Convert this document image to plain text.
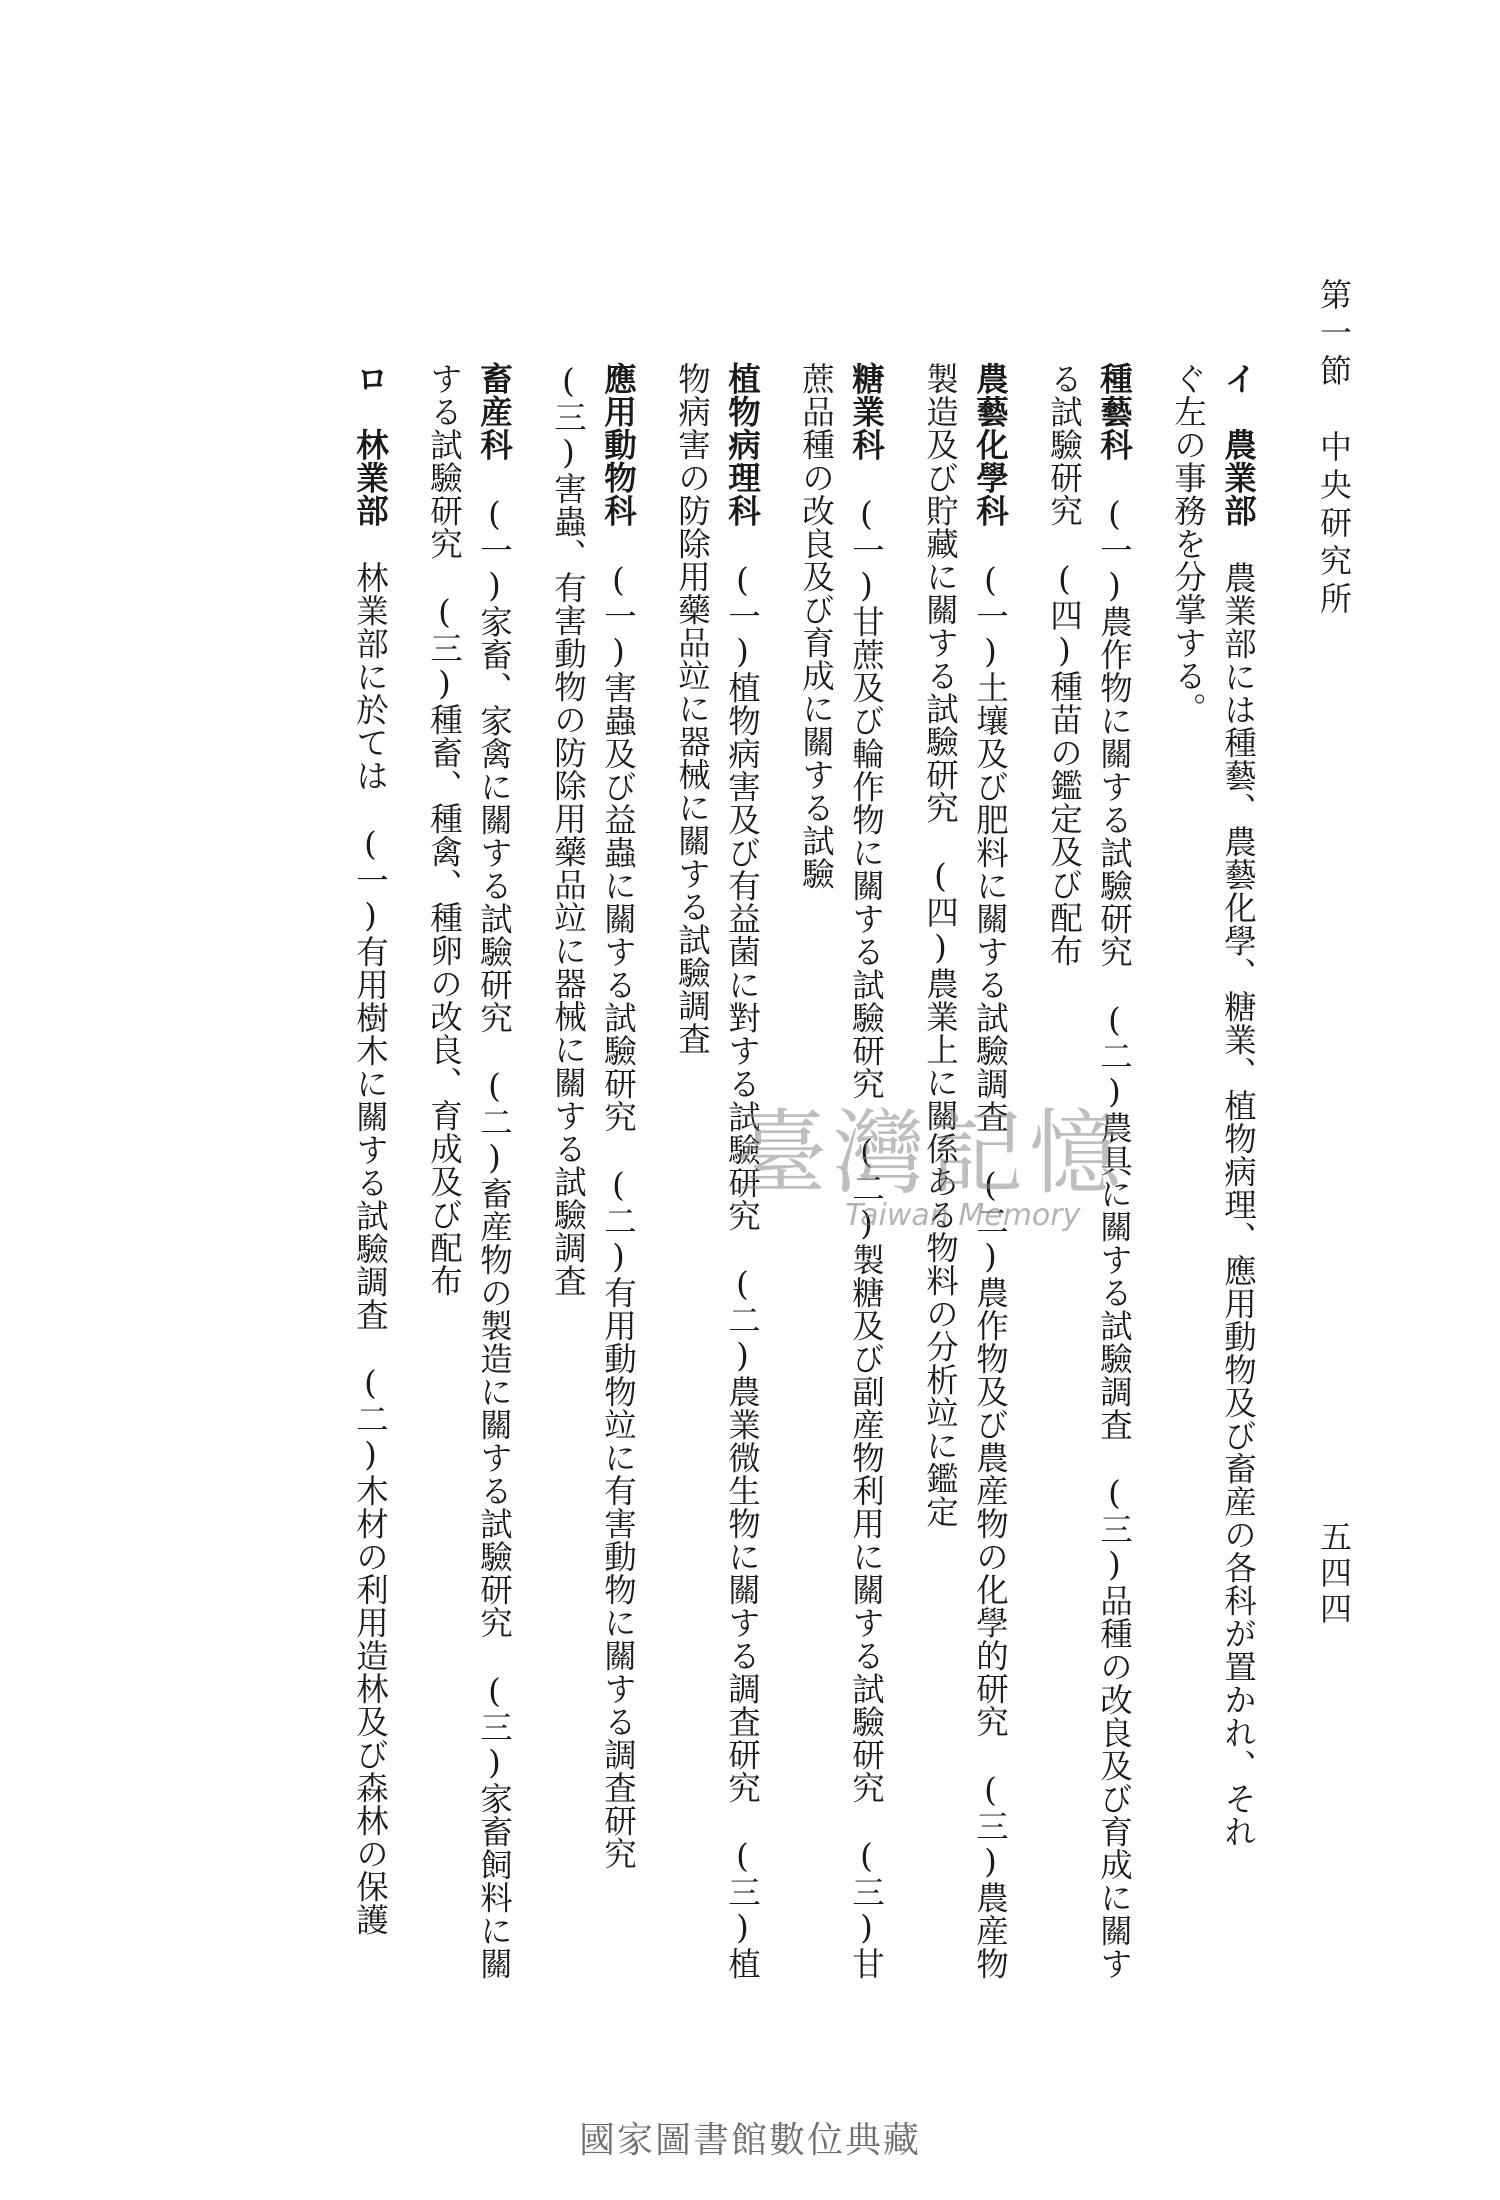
第一節　中央研究所
五四四
イ　農業部農業部には種藝、農藝化學、糖業、植物病理、應用動物及び畜産の各科が置かれ、それ
ぐ左の事務を分掌する。
種藝科(一)農作物に關する試驗研究　(二)農具に關する試驗調査　(三)品種の改良及び育成に關す
る試驗研究　(四)種苗の鑑定及び配布
農藝化學科(一)土壤及び肥料に關する試驗調査　(二)農作物及び農産物の化學的研究　(三)農産物
製造及び貯藏に關する試驗研究　(四)農業上に關係ある物料の分析竝に鑑定
糖業科(一)甘蔗及び輪作物に關する試驗研究　(二)製糖及び副産物利用に關する試驗研究　(三)甘
蔗品種の改良及び育成に關する試驗
植物病理科(一)植物病害及び有益菌に對する試驗研究　(二)農業微生物に關する調査研究　(三)植
物病害の防除用藥品竝に器械に關する試驗調査
應用動物科(一)害蟲及び益蟲に關する試驗研究　(二)有用動物竝に有害動物に關する調査研究
(三)害蟲、有害動物の防除用藥品竝に器械に關する試驗調査
畜産科(一)家畜、家禽に關する試驗研究　(二)畜産物の製造に關する試驗研究　(三)家畜飼料に關
する試驗研究　(三)種畜、種禽、種卵の改良、育成及び配布
ロ　林業部林業部に於ては　(一)有用樹木に關する試驗調査　(二)木材の利用造林及び森林の保護	臺灣記憶
Taiwan Memory
國家圖書館數位典藏
